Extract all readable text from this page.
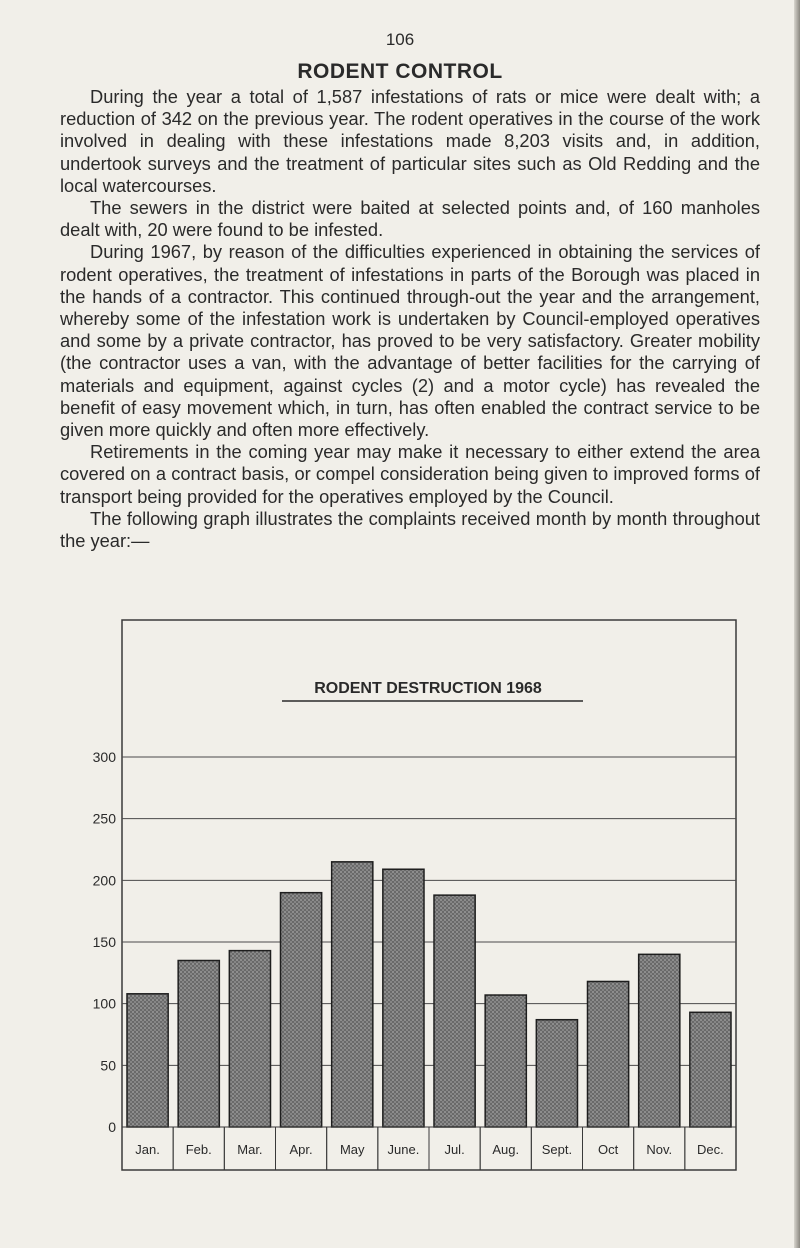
106
RODENT CONTROL

During the year a total of 1,587 infestations of rats or mice were dealt with; a reduction of 342 on the previous year. The rodent operatives in the course of the work involved in dealing with these infestations made 8,203 visits and, in addition, undertook surveys and the treatment of particular sites such as Old Redding and the local watercourses.

The sewers in the district were baited at selected points and, of 160 manholes dealt with, 20 were found to be infested.

During 1967, by reason of the difficulties experienced in obtaining the services of rodent operatives, the treatment of infestations in parts of the Borough was placed in the hands of a contractor. This continued through-out the year and the arrangement, whereby some of the infestation work is undertaken by Council-employed operatives and some by a private contractor, has proved to be very satisfactory. Greater mobility (the contractor uses a van, with the advantage of better facilities for the carrying of materials and equipment, against cycles (2) and a motor cycle) has revealed the benefit of easy movement which, in turn, has often enabled the contract service to be given more quickly and often more effectively.

Retirements in the coming year may make it necessary to either extend the area covered on a contract basis, or compel consideration being given to improved forms of transport being provided for the operatives employed by the Council.

The following graph illustrates the complaints received month by month throughout the year:—

0
50
100
150
200
250
300
Jan. Feb. Mar. Apr. May June. Jul. Aug. Sept. Oct Nov. Dec.
RODENT DESTRUCTION 1968
